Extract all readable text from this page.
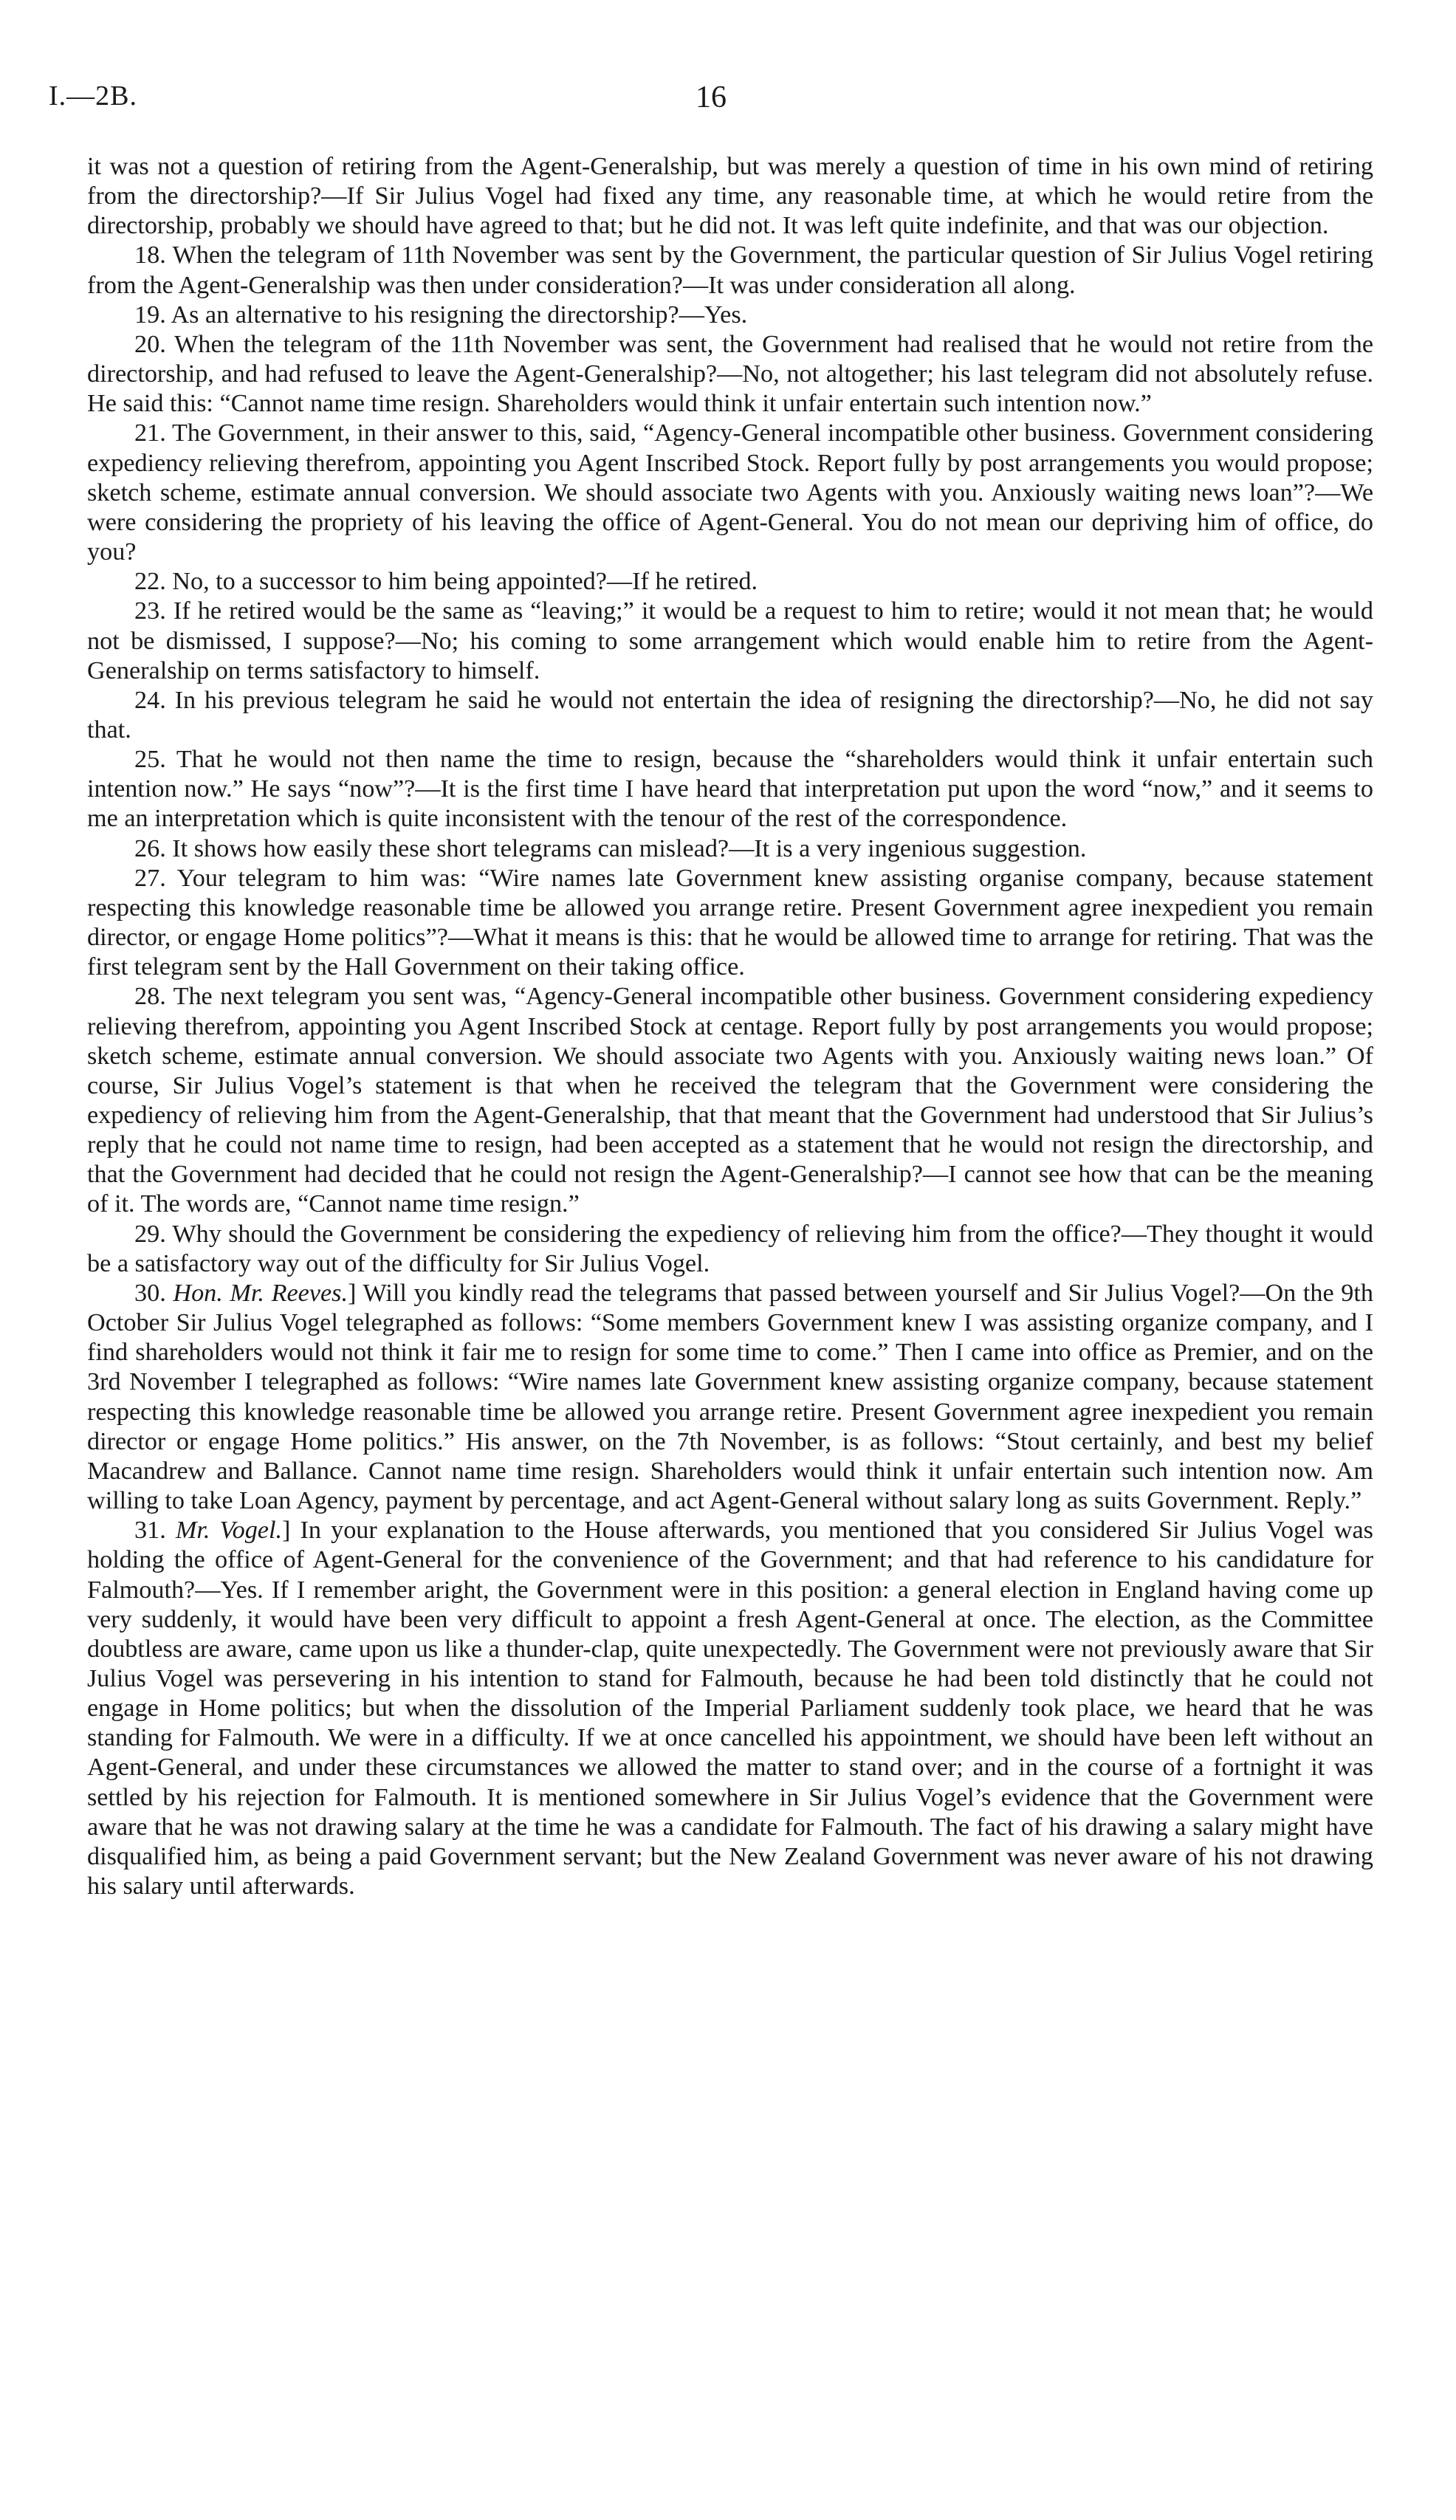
I.—2B.	16

it was not a question of retiring from the Agent-Generalship, but was merely a question of time in his own mind of retiring from the directorship?—If Sir Julius Vogel had fixed any time, any reasonable time, at which he would retire from the directorship, probably we should have agreed to that; but he did not. It was left quite indefinite, and that was our objection.

18. When the telegram of 11th November was sent by the Government, the particular question of Sir Julius Vogel retiring from the Agent-Generalship was then under consideration?—It was under consideration all along.

19. As an alternative to his resigning the directorship?—Yes.

20. When the telegram of the 11th November was sent, the Government had realised that he would not retire from the directorship, and had refused to leave the Agent-Generalship?—No, not altogether; his last telegram did not absolutely refuse. He said this: “Cannot name time resign. Shareholders would think it unfair entertain such intention now.”

21. The Government, in their answer to this, said, “Agency-General incompatible other business. Government considering expediency relieving therefrom, appointing you Agent Inscribed Stock. Report fully by post arrangements you would propose; sketch scheme, estimate annual conversion. We should associate two Agents with you. Anxiously waiting news loan”?—We were considering the propriety of his leaving the office of Agent-General. You do not mean our depriving him of office, do you?

22. No, to a successor to him being appointed?—If he retired.

23. If he retired would be the same as “leaving;” it would be a request to him to retire; would it not mean that; he would not be dismissed, I suppose?—No; his coming to some arrangement which would enable him to retire from the Agent-Generalship on terms satisfactory to himself.

24. In his previous telegram he said he would not entertain the idea of resigning the directorship?—No, he did not say that.

25. That he would not then name the time to resign, because the “shareholders would think it unfair entertain such intention now.” He says “now”?—It is the first time I have heard that interpretation put upon the word “now,” and it seems to me an interpretation which is quite inconsistent with the tenour of the rest of the correspondence.

26. It shows how easily these short telegrams can mislead?—It is a very ingenious suggestion.

27. Your telegram to him was: “Wire names late Government knew assisting organise company, because statement respecting this knowledge reasonable time be allowed you arrange retire. Present Government agree inexpedient you remain director, or engage Home politics”?—What it means is this: that he would be allowed time to arrange for retiring. That was the first telegram sent by the Hall Government on their taking office.

28. The next telegram you sent was, “Agency-General incompatible other business. Government considering expediency relieving therefrom, appointing you Agent Inscribed Stock at centage. Report fully by post arrangements you would propose; sketch scheme, estimate annual conversion. We should associate two Agents with you. Anxiously waiting news loan.” Of course, Sir Julius Vogel’s statement is that when he received the telegram that the Government were considering the expediency of relieving him from the Agent-Generalship, that that meant that the Government had understood that Sir Julius’s reply that he could not name time to resign, had been accepted as a statement that he would not resign the directorship, and that the Government had decided that he could not resign the Agent-Generalship?—I cannot see how that can be the meaning of it. The words are, “Cannot name time resign.”

29. Why should the Government be considering the expediency of relieving him from the office?—They thought it would be a satisfactory way out of the difficulty for Sir Julius Vogel.

30. Hon. Mr. Reeves.] Will you kindly read the telegrams that passed between yourself and Sir Julius Vogel?—On the 9th October Sir Julius Vogel telegraphed as follows: “Some members Government knew I was assisting organize company, and I find shareholders would not think it fair me to resign for some time to come.” Then I came into office as Premier, and on the 3rd November I telegraphed as follows: “Wire names late Government knew assisting organize company, because statement respecting this knowledge reasonable time be allowed you arrange retire. Present Government agree inexpedient you remain director or engage Home politics.” His answer, on the 7th November, is as follows: “Stout certainly, and best my belief Macandrew and Ballance. Cannot name time resign. Shareholders would think it unfair entertain such intention now. Am willing to take Loan Agency, payment by percentage, and act Agent-General without salary long as suits Government. Reply.”

31. Mr. Vogel.] In your explanation to the House afterwards, you mentioned that you considered Sir Julius Vogel was holding the office of Agent-General for the convenience of the Government; and that had reference to his candidature for Falmouth?—Yes. If I remember aright, the Government were in this position: a general election in England having come up very suddenly, it would have been very difficult to appoint a fresh Agent-General at once. The election, as the Committee doubtless are aware, came upon us like a thunder-clap, quite unexpectedly. The Government were not previously aware that Sir Julius Vogel was persevering in his intention to stand for Falmouth, because he had been told distinctly that he could not engage in Home politics; but when the dissolution of the Imperial Parliament suddenly took place, we heard that he was standing for Falmouth. We were in a difficulty. If we at once cancelled his appointment, we should have been left without an Agent-General, and under these circumstances we allowed the matter to stand over; and in the course of a fortnight it was settled by his rejection for Falmouth. It is mentioned somewhere in Sir Julius Vogel’s evidence that the Government were aware that he was not drawing salary at the time he was a candidate for Falmouth. The fact of his drawing a salary might have disqualified him, as being a paid Government servant; but the New Zealand Government was never aware of his not drawing his salary until afterwards.
